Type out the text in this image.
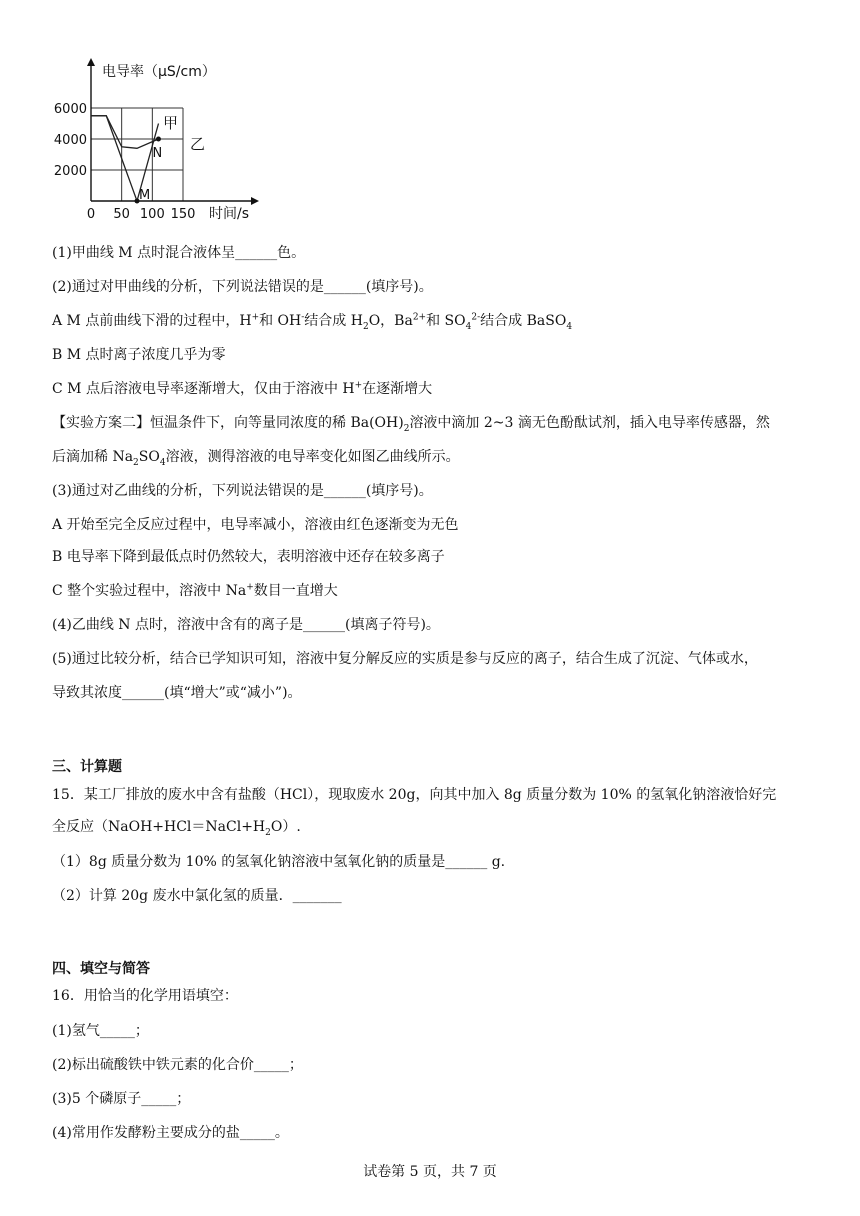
电导率（μS/cm）
时间/s
0 50 100 150
6000
4000
2000
甲
乙
M
N
(1)甲曲线 M 点时混合液体呈______色。
(2)通过对甲曲线的分析，下列说法错误的是______(填序号)。
A M 点前曲线下滑的过程中，H+和 OH-结合成 $H_2O$，$Ba^{2+}$和 $SO_4^{2-}$结合成 BaSO$_4$
B M 点时离子浓度几乎为零
C M 点后溶液电导率逐渐增大，仅由于溶液中 H+在逐渐增大
【实验方案二】恒温条件下，向等量同浓度的稀 $Ba(OH)_2$溶液中滴加 2~3 滴无色酚酞试剂，插入电导率传感器，然
后滴加稀 $Na_2SO_4$溶液，测得溶液的电导率变化如图乙曲线所示。
(3)通过对乙曲线的分析，下列说法错误的是______(填序号)。
A 开始至完全反应过程中，电导率减小，溶液由红色逐渐变为无色
B 电导率下降到最低点时仍然较大，表明溶液中还存在较多离子
C 整个实验过程中，溶液中 Na+数目一直增大
(4)乙曲线 N 点时，溶液中含有的离子是______(填离子符号)。
(5)通过比较分析，结合已学知识可知，溶液中复分解反应的实质是参与反应的离子，结合生成了沉淀、气体或水，
导致其浓度______(填“增大”或“减小”)。
三、计算题
15．某工厂排放的废水中含有盐酸（HCl），现取废水 20g，向其中加入 8g 质量分数为 10% 的氢氧化钠溶液恰好完
全反应$(NaOH+HCl=NaCl+H_2O)$.
（1）8g 质量分数为 10% 的氢氧化钠溶液中氢氧化钠的质量是______ g.
（2）计算 20g 废水中氯化氢的质量．_______
四、填空与简答
16．用恰当的化学用语填空：
(1)氢气_____；
(2)标出硫酸铁中铁元素的化合价_____；
(3)5 个磷原子_____；
(4)常用作发酵粉主要成分的盐_____。
试卷第 5 页，共 7 页
